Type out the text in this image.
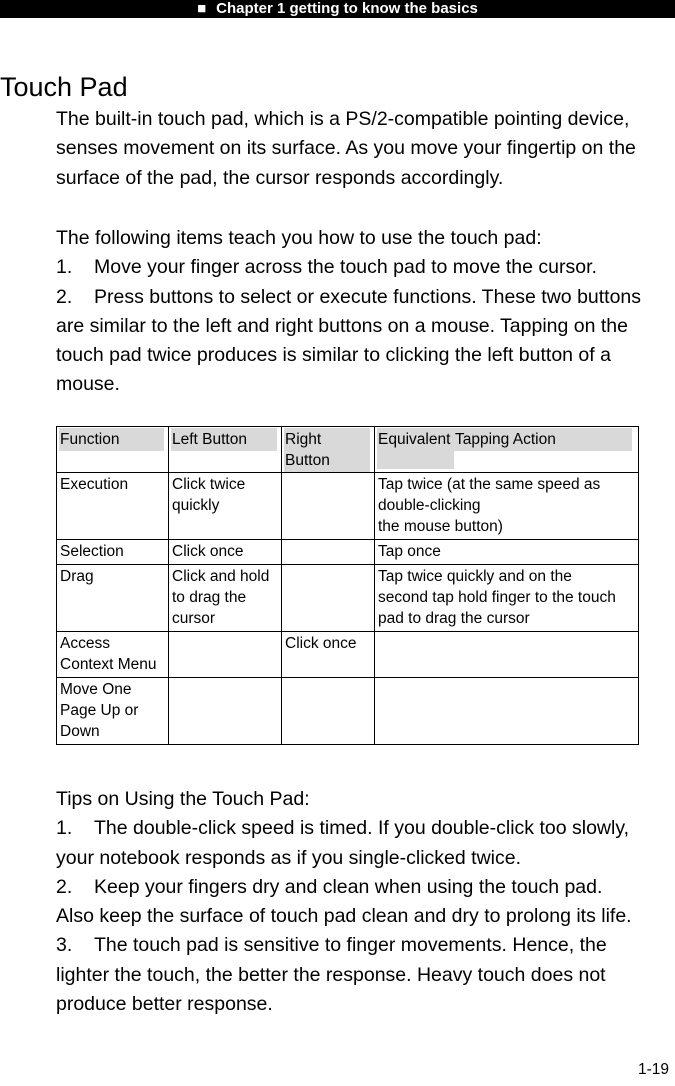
■ Chapter 1 getting to know the basics
Touch Pad
The built-in touch pad, which is a PS/2-compatible pointing device,
senses movement on its surface. As you move your fingertip on the
surface of the pad, the cursor responds accordingly.
The following items teach you how to use the touch pad:
1. Move your finger across the touch pad to move the cursor.
2. Press buttons to select or execute functions. These two buttons
are similar to the left and right buttons on a mouse. Tapping on the
touch pad twice produces is similar to clicking the left button of a
mouse.
Function	Left Button	Right Button	Equivalent Tapping Action
Execution	Click twice quickly		Tap twice (at the same speed as
double-clicking
the mouse button)

Selection	Click once		Tap once

Drag	Click and hold to drag the cursor		Tap twice quickly and on the
second tap hold finger to the touch
pad to drag the cursor

Access Context Menu		Click once	
Move One Page Up or Down			
Tips on Using the Touch Pad:
1. The double-click speed is timed. If you double-click too slowly,
your notebook responds as if you single-clicked twice.
2. Keep your fingers dry and clean when using the touch pad.
Also keep the surface of touch pad clean and dry to prolong its life.
3. The touch pad is sensitive to finger movements. Hence, the
lighter the touch, the better the response. Heavy touch does not
produce better response.
1-19
